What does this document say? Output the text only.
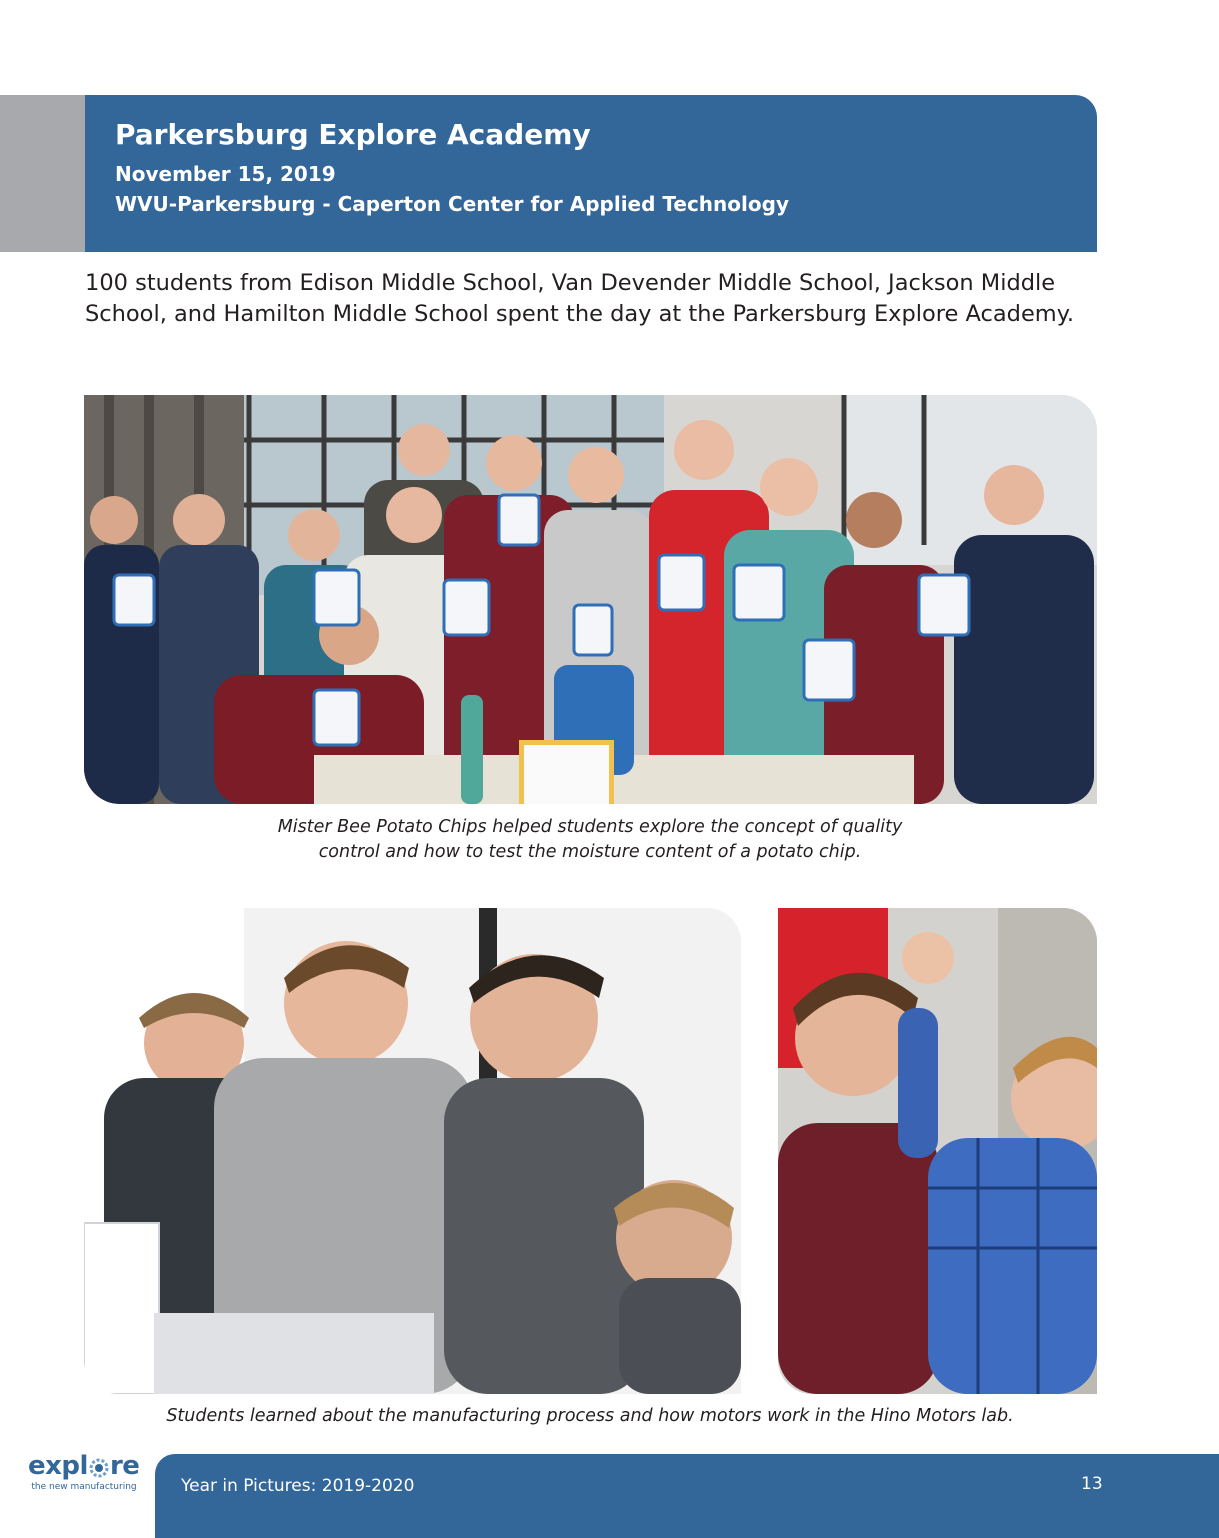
Parkersburg Explore Academy

November 15, 2019

WVU-Parkersburg - Caperton Center for Applied Technology

100 students from Edison Middle School, Van Devender Middle School, Jackson Middle School, and Hamilton Middle School spent the day at the Parkersburg Explore Academy.

Mister Bee Potato Chips helped students explore the concept of quality
control and how to test the moisture content of a potato chip.

Students learned about the manufacturing process and how motors work in the Hino Motors lab.

expl re
the new manufacturing	Year in Pictures: 2019-2020	13
